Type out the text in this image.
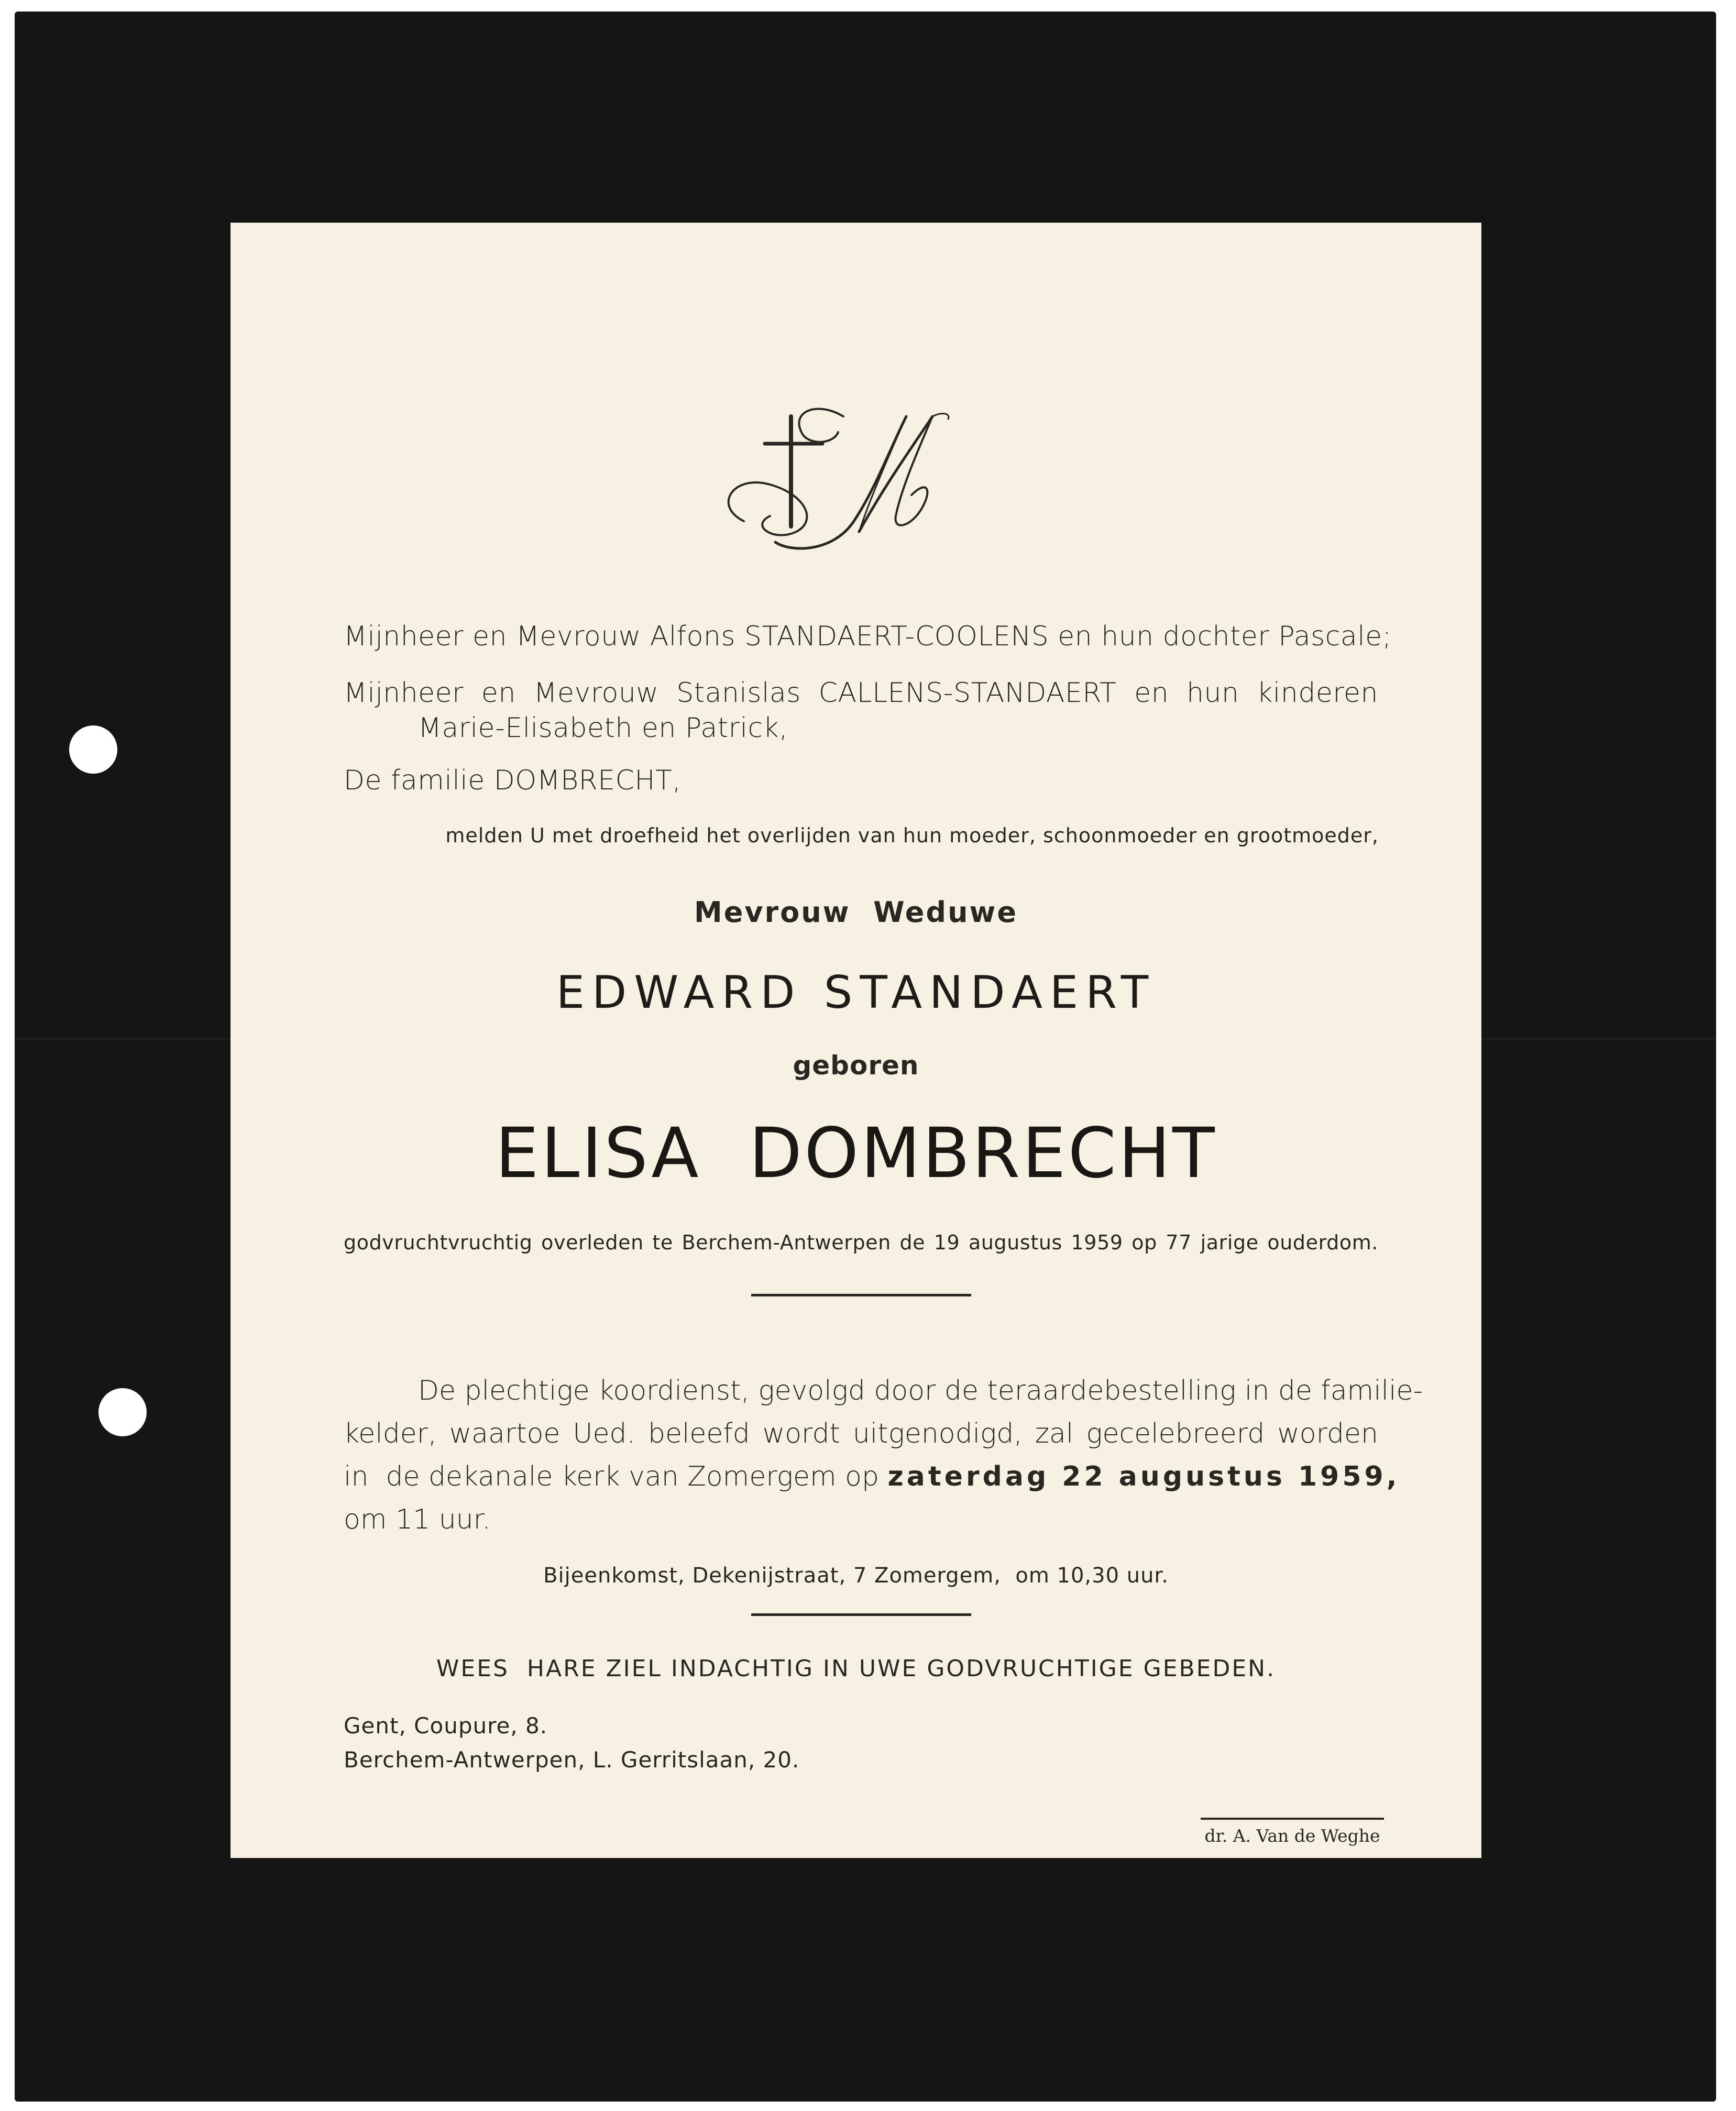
Mijnheer en Mevrouw Alfons STANDAERT-COOLENS en hun dochter Pascale;
Mijnheer en Mevrouw Stanislas CALLENS-STANDAERT en hun kinderen
Marie-Elisabeth en Patrick,
De familie DOMBRECHT,
melden U met droefheid het overlijden van hun moeder, schoonmoeder en grootmoeder,
Mevrouw  Weduwe
EDWARD STANDAERT
geboren
ELISA  DOMBRECHT
godvruchtvruchtig overleden te Berchem-Antwerpen de 19 augustus 1959 op 77 jarige ouderdom.
De plechtige koordienst, gevolgd door de teraardebestelling in de familie-
kelder, waartoe Ued. beleefd wordt uitgenodigd, zal gecelebreerd worden
in  de dekanale kerk van Zomergem op zaterdag 22 augustus 1959,
om 11 uur.
Bijeenkomst, Dekenijstraat, 7 Zomergem,  om 10,30 uur.
WEES  HARE ZIEL INDACHTIG IN UWE GODVRUCHTIGE GEBEDEN.
Gent, Coupure, 8.
Berchem-Antwerpen, L. Gerritslaan, 20.
dr. A. Van de Weghe
